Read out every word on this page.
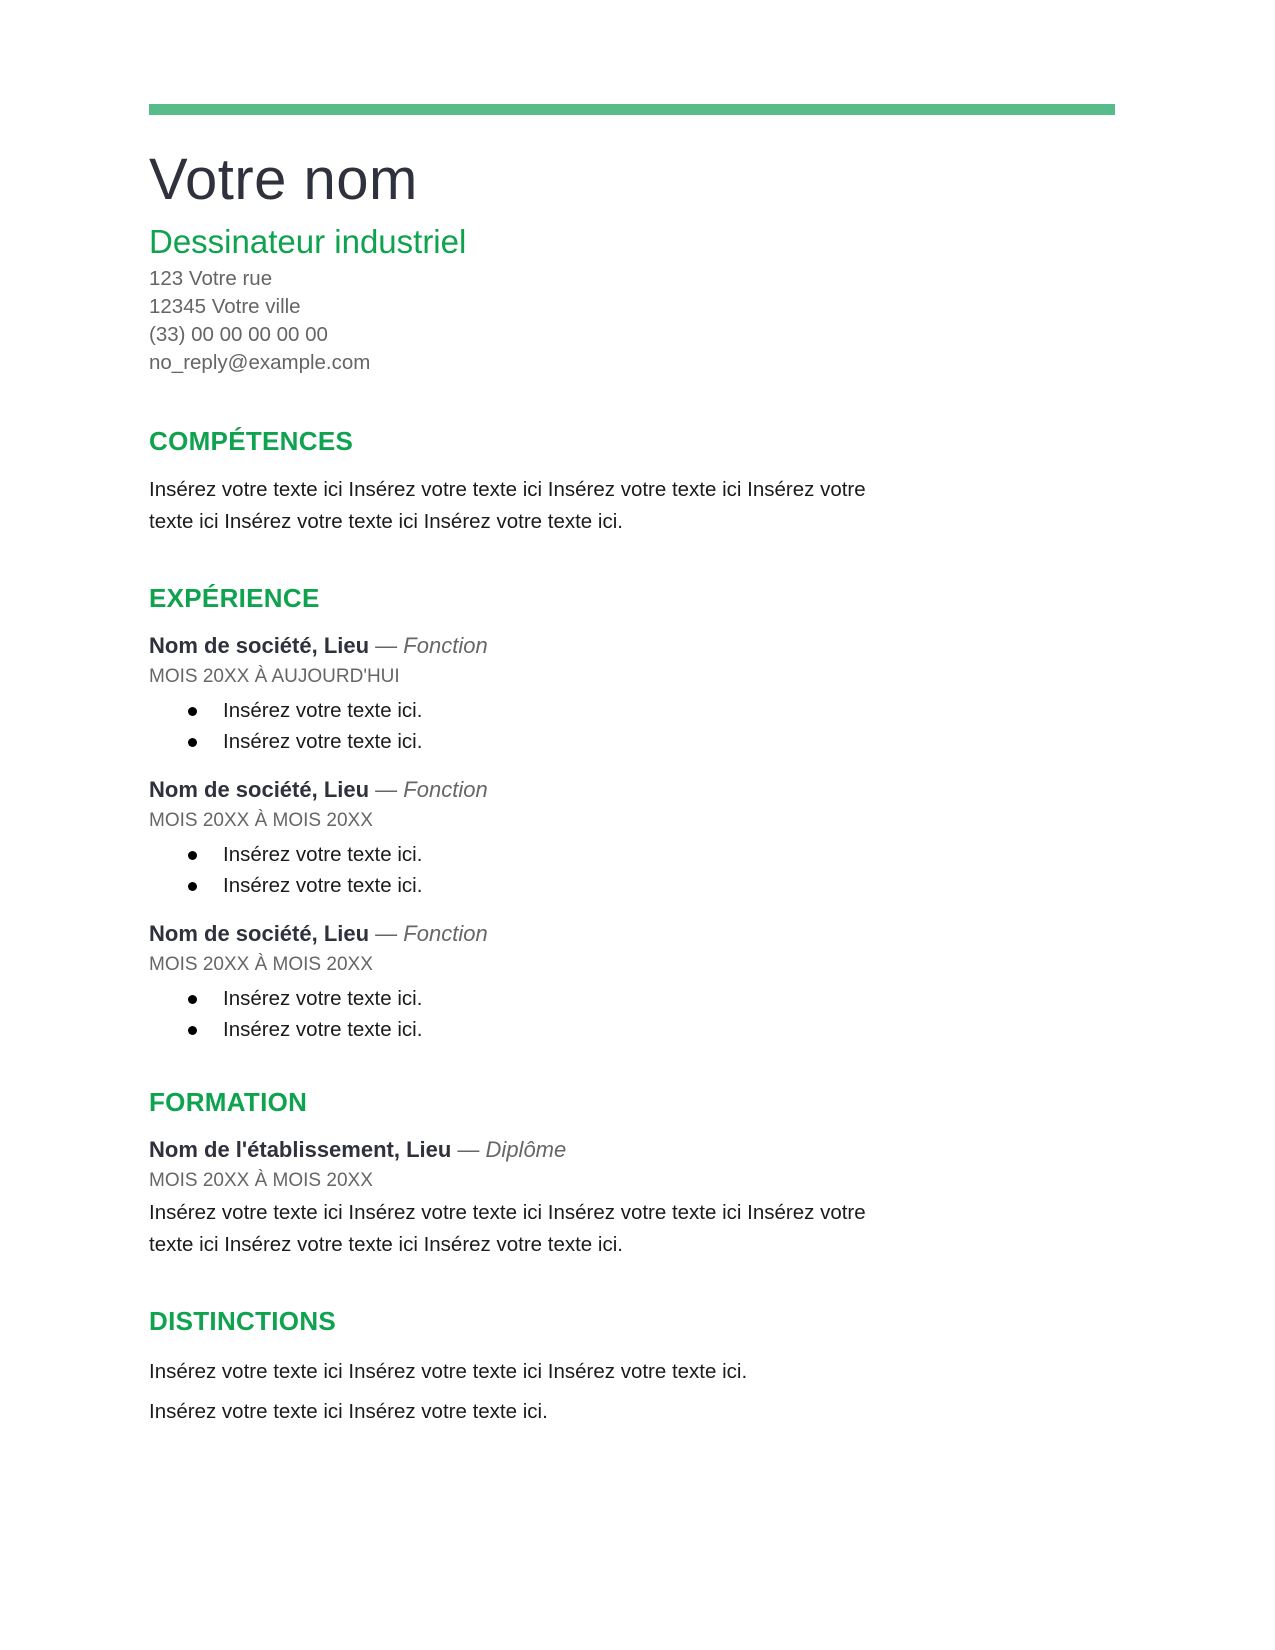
Votre nom
Dessinateur industriel
123 Votre rue
12345 Votre ville
(33) 00 00 00 00 00
no_reply@example.com
COMPÉTENCES
Insérez votre texte ici Insérez votre texte ici Insérez votre texte ici Insérez votre texte ici Insérez votre texte ici Insérez votre texte ici.
EXPÉRIENCE
Nom de société, Lieu — Fonction
MOIS 20XX À AUJOURD'HUI
Insérez votre texte ici.
Insérez votre texte ici.
Nom de société, Lieu — Fonction
MOIS 20XX À MOIS 20XX
Insérez votre texte ici.
Insérez votre texte ici.
Nom de société, Lieu — Fonction
MOIS 20XX À MOIS 20XX
Insérez votre texte ici.
Insérez votre texte ici.
FORMATION
Nom de l'établissement, Lieu — Diplôme
MOIS 20XX À MOIS 20XX
Insérez votre texte ici Insérez votre texte ici Insérez votre texte ici Insérez votre texte ici Insérez votre texte ici Insérez votre texte ici.
DISTINCTIONS
Insérez votre texte ici Insérez votre texte ici Insérez votre texte ici.
Insérez votre texte ici Insérez votre texte ici.
